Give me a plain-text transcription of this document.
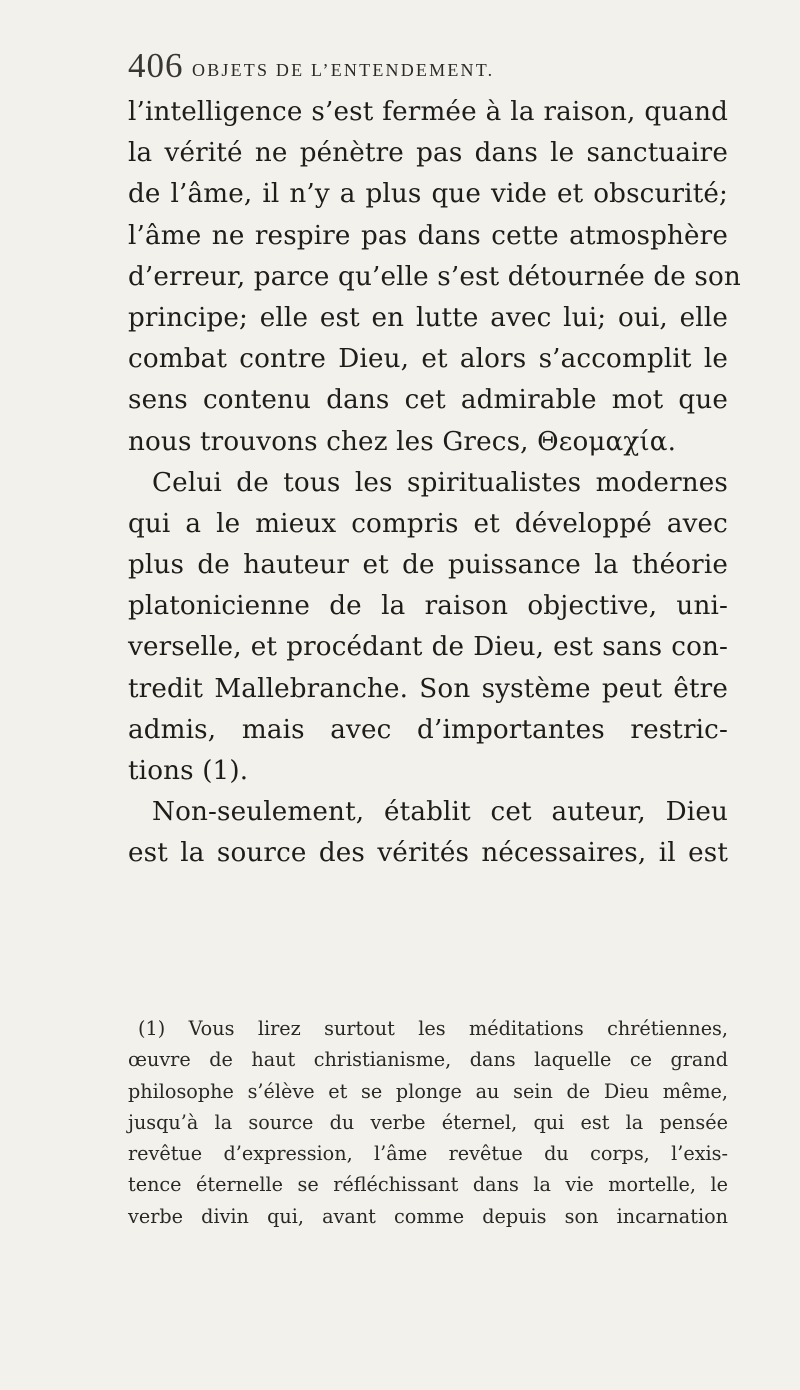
406 OBJETS DE L’ENTENDEMENT.
l’intelligence s’est fermée à la raison, quand
la vérité ne pénètre pas dans le sanctuaire
de l’âme, il n’y a plus que vide et obscurité;
l’âme ne respire pas dans cette atmosphère
d’erreur, parce qu’elle s’est détournée de son
principe; elle est en lutte avec lui; oui, elle
combat contre Dieu, et alors s’accomplit le
sens contenu dans cet admirable mot que
nous trouvons chez les Grecs, Θεομαχία.
Celui de tous les spiritualistes modernes
qui a le mieux compris et développé avec
plus de hauteur et de puissance la théorie
platonicienne de la raison objective, uni-
verselle, et procédant de Dieu, est sans con-
tredit Mallebranche. Son système peut être
admis, mais avec d’importantes restric-
tions (1).
Non-seulement, établit cet auteur, Dieu
est la source des vérités nécessaires, il est
(1) Vous lirez surtout les méditations chrétiennes,
œuvre de haut christianisme, dans laquelle ce grand
philosophe s’élève et se plonge au sein de Dieu même,
jusqu’à la source du verbe éternel, qui est la pensée
revêtue d’expression, l’âme revêtue du corps, l’exis-
tence éternelle se réfléchissant dans la vie mortelle, le
verbe divin qui, avant comme depuis son incarnation
